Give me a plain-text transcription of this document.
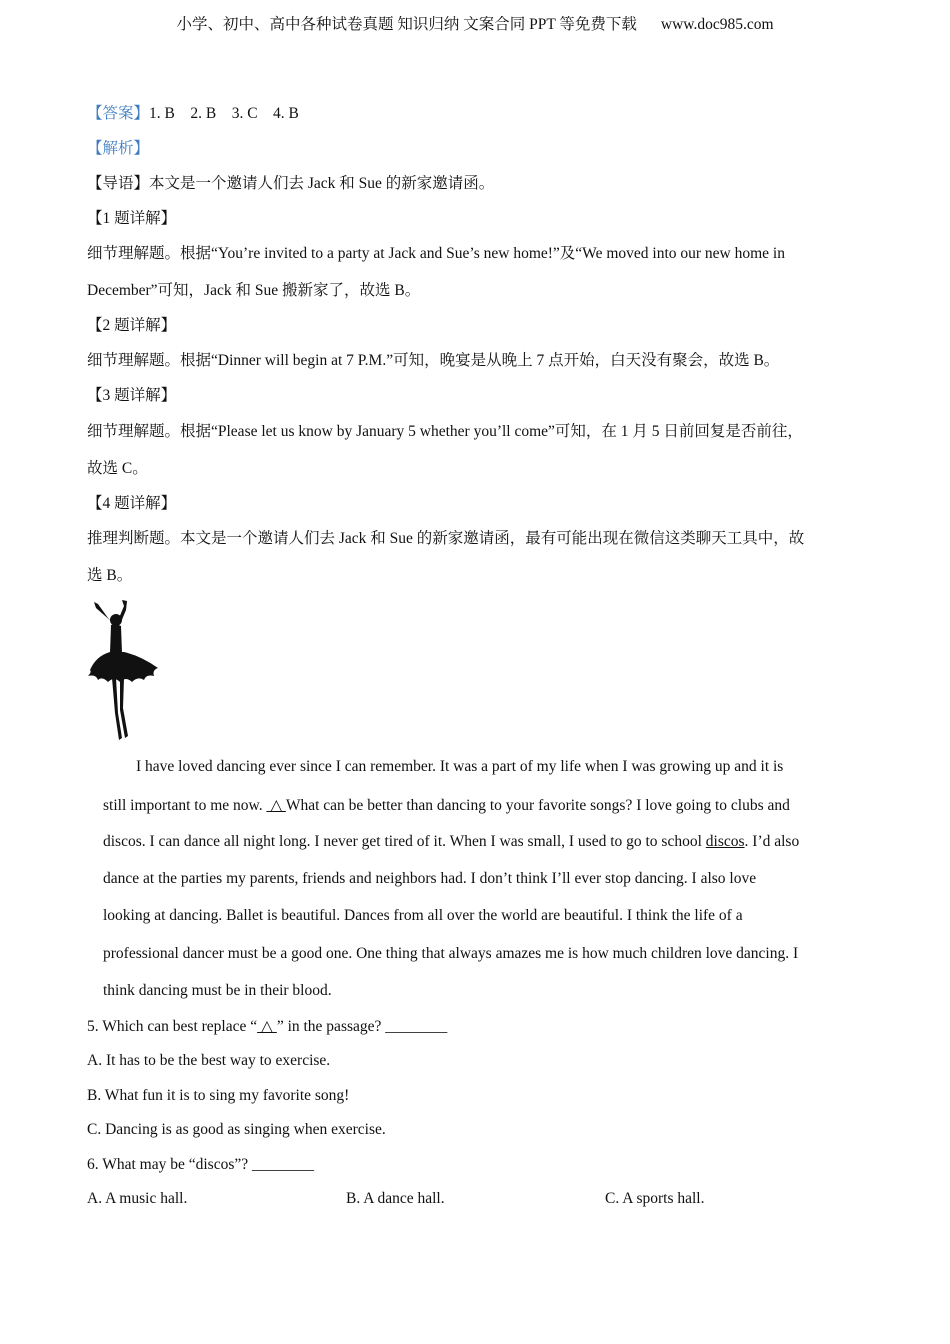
小学、初中、高中各种试卷真题 知识归纳 文案合同 PPT 等免费下载 www.doc985.com
【答案】1. B    2. B    3. C    4. B
【解析】
【导语】本文是一个邀请人们去 Jack 和 Sue 的新家邀请函。
【1 题详解】
细节理解题。根据“You’re invited to a party at Jack and Sue’s new home!”及“We moved into our new home in
December”可知，Jack 和 Sue 搬新家了，故选 B。
【2 题详解】
细节理解题。根据“Dinner will begin at 7 P.M.”可知，晚宴是从晚上 7 点开始，白天没有聚会，故选 B。
【3 题详解】
细节理解题。根据“Please let us know by January 5 whether you’ll come”可知，在 1 月 5 日前回复是否前往，
故选 C。
【4 题详解】
推理判断题。本文是一个邀请人们去 Jack 和 Sue 的新家邀请函，最有可能出现在微信这类聊天工具中，故
选 B。
I have loved dancing ever since I can remember. It was a part of my life when I was growing up and it is
still important to me now.  △ What can be better than dancing to your favorite songs? I love going to clubs and
discos. I can dance all night long. I never get tired of it. When I was small, I used to go to school discos. I’d also
dance at the parties my parents, friends and neighbors had. I don’t think I’ll ever stop dancing. I also love
looking at dancing. Ballet is beautiful. Dances from all over the world are beautiful. I think the life of a
professional dancer must be a good one. One thing that always amazes me is how much children love dancing. I
think dancing must be in their blood.
5. Which can best replace “ △ ” in the passage? ________
A. It has to be the best way to exercise.
B. What fun it is to sing my favorite song!
C. Dancing is as good as singing when exercise.
6. What may be “discos”? ________
A. A music hall.	B. A dance hall.	C. A sports hall.
